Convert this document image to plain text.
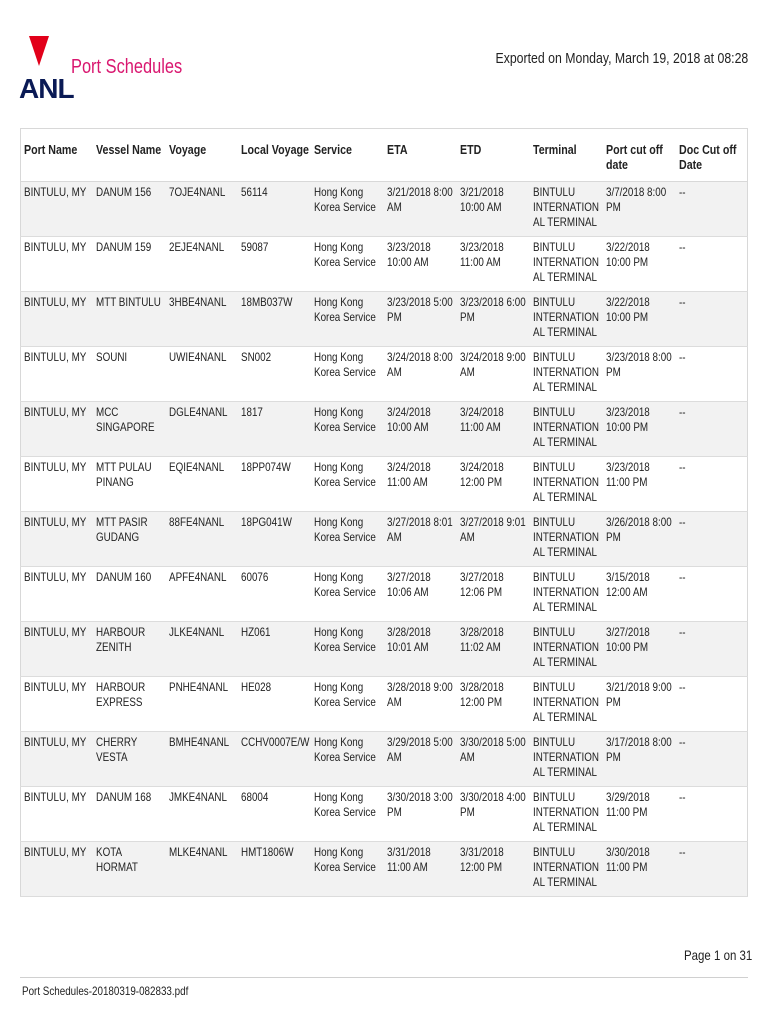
ANL
Port Schedules	Exported on Monday, March 19, 2018 at 08:28
Port Name	Vessel Name	Voyage	Local Voyage	Service	ETA	ETD	Terminal	Port cut off date	Doc Cut off Date
BINTULU, MY	DANUM 156	7OJE4NANL	56114	Hong Kong Korea Service	3/21/2018 8:00 AM	3/21/2018 10:00 AM	BINTULU INTERNATIONAL TERMINAL	3/7/2018 8:00 PM	--
BINTULU, MY	DANUM 159	2EJE4NANL	59087	Hong Kong Korea Service	3/23/2018 10:00 AM	3/23/2018 11:00 AM	BINTULU INTERNATIONAL TERMINAL	3/22/2018 10:00 PM	--
BINTULU, MY	MTT BINTULU	3HBE4NANL	18MB037W	Hong Kong Korea Service	3/23/2018 5:00 PM	3/23/2018 6:00 PM	BINTULU INTERNATIONAL TERMINAL	3/22/2018 10:00 PM	--
BINTULU, MY	SOUNI	UWIE4NANL	SN002	Hong Kong Korea Service	3/24/2018 8:00 AM	3/24/2018 9:00 AM	BINTULU INTERNATIONAL TERMINAL	3/23/2018 8:00 PM	--
BINTULU, MY	MCC SINGAPORE	DGLE4NANL	1817	Hong Kong Korea Service	3/24/2018 10:00 AM	3/24/2018 11:00 AM	BINTULU INTERNATIONAL TERMINAL	3/23/2018 10:00 PM	--
BINTULU, MY	MTT PULAU PINANG	EQIE4NANL	18PP074W	Hong Kong Korea Service	3/24/2018 11:00 AM	3/24/2018 12:00 PM	BINTULU INTERNATIONAL TERMINAL	3/23/2018 11:00 PM	--
BINTULU, MY	MTT PASIR GUDANG	88FE4NANL	18PG041W	Hong Kong Korea Service	3/27/2018 8:01 AM	3/27/2018 9:01 AM	BINTULU INTERNATIONAL TERMINAL	3/26/2018 8:00 PM	--
BINTULU, MY	DANUM 160	APFE4NANL	60076	Hong Kong Korea Service	3/27/2018 10:06 AM	3/27/2018 12:06 PM	BINTULU INTERNATIONAL TERMINAL	3/15/2018 12:00 AM	--
BINTULU, MY	HARBOUR ZENITH	JLKE4NANL	HZ061	Hong Kong Korea Service	3/28/2018 10:01 AM	3/28/2018 11:02 AM	BINTULU INTERNATIONAL TERMINAL	3/27/2018 10:00 PM	--
BINTULU, MY	HARBOUR EXPRESS	PNHE4NANL	HE028	Hong Kong Korea Service	3/28/2018 9:00 AM	3/28/2018 12:00 PM	BINTULU INTERNATIONAL TERMINAL	3/21/2018 9:00 PM	--
BINTULU, MY	CHERRY VESTA	BMHE4NANL	CCHV0007E/W	Hong Kong Korea Service	3/29/2018 5:00 AM	3/30/2018 5:00 AM	BINTULU INTERNATIONAL TERMINAL	3/17/2018 8:00 PM	--
BINTULU, MY	DANUM 168	JMKE4NANL	68004	Hong Kong Korea Service	3/30/2018 3:00 PM	3/30/2018 4:00 PM	BINTULU INTERNATIONAL TERMINAL	3/29/2018 11:00 PM	--
BINTULU, MY	KOTA HORMAT	MLKE4NANL	HMT1806W	Hong Kong Korea Service	3/31/2018 11:00 AM	3/31/2018 12:00 PM	BINTULU INTERNATIONAL TERMINAL	3/30/2018 11:00 PM	--
Page 1 on 31
Port Schedules-20180319-082833.pdf
